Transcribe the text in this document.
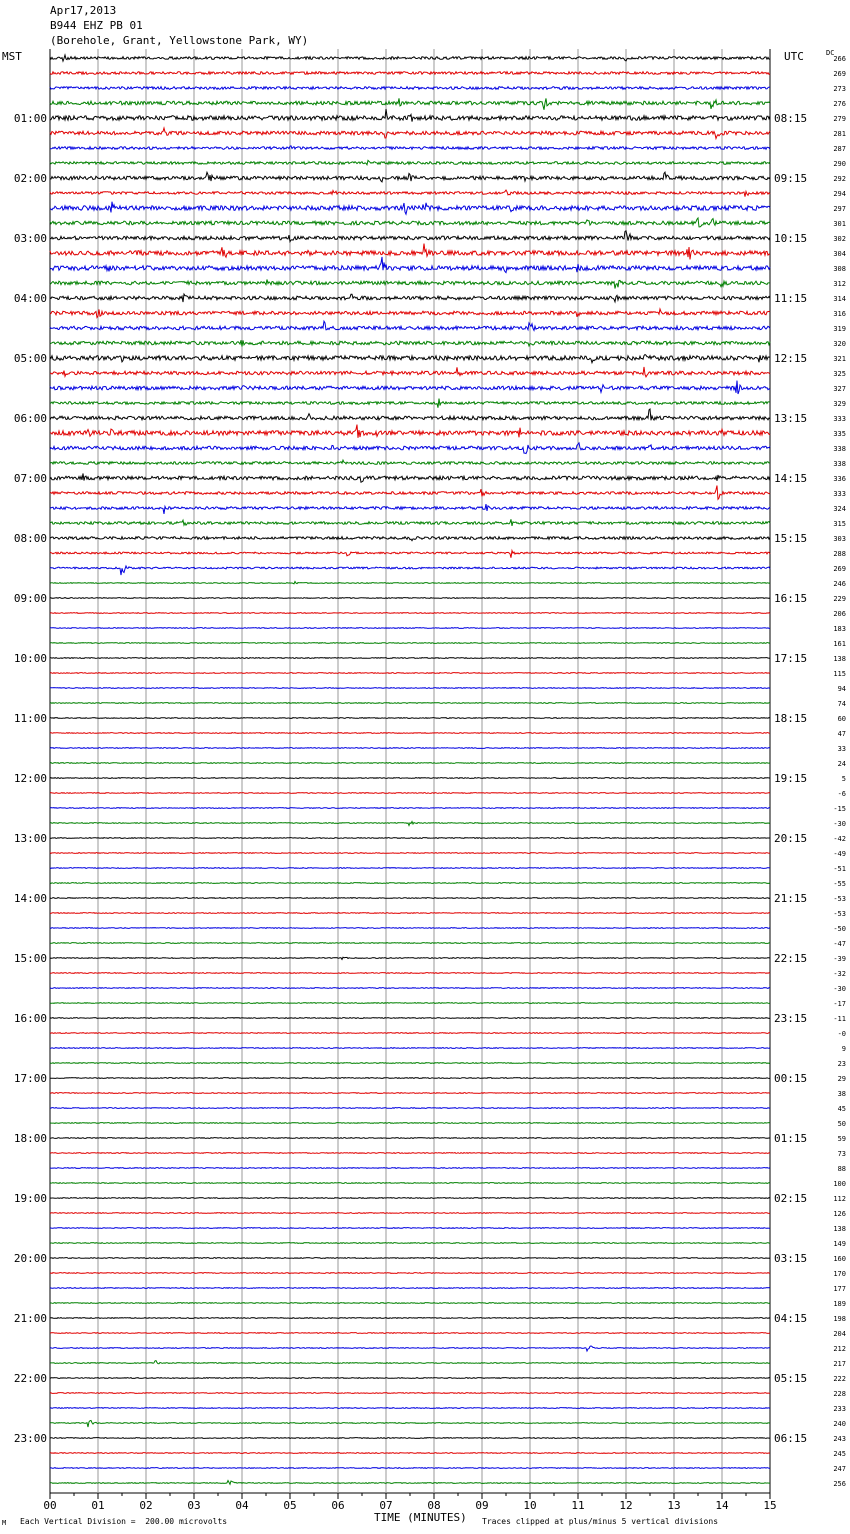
Apr17,2013
B944 EHZ PB 01
(Borehole, Grant, Yellowstone Park, WY)
MST	UTC	DC
00	01	02	03	04	05	06	07	08	09	10	11	12	13	14	15
266
269
273
276
279
281
287
290
292
294
297
301
302
304
308
312
314
316
319
320
321
325
327
329
333
335
338
338
336
333
324
315
303
288
269
246
229
206
183
161
138
115
94
74
60
47
33
24
5
-6
-15
-30
-42
-49
-51
-55
-53
-53
-50
-47
-39
-32
-30
-17
-11
-0
9
23
29
38
45
50
59
73
88
100
112
126
138
149
160
170
177
189
198
204
212
217
222
228
233
240
243
245
247
256
01:00	08:15
02:00	09:15
03:00	10:15
04:00	11:15
05:00	12:15
06:00	13:15
07:00	14:15
08:00	15:15
09:00	16:15
10:00	17:15
11:00	18:15
12:00	19:15
13:00	20:15
14:00	21:15
15:00	22:15
16:00	23:15
17:00	00:15
18:00	01:15
19:00	02:15
20:00	03:15
21:00	04:15
22:00	05:15
23:00	06:15
M Each Vertical Division =  200.00 microvolts	TIME (MINUTES) Traces clipped at plus/minus 5 vertical divisions
